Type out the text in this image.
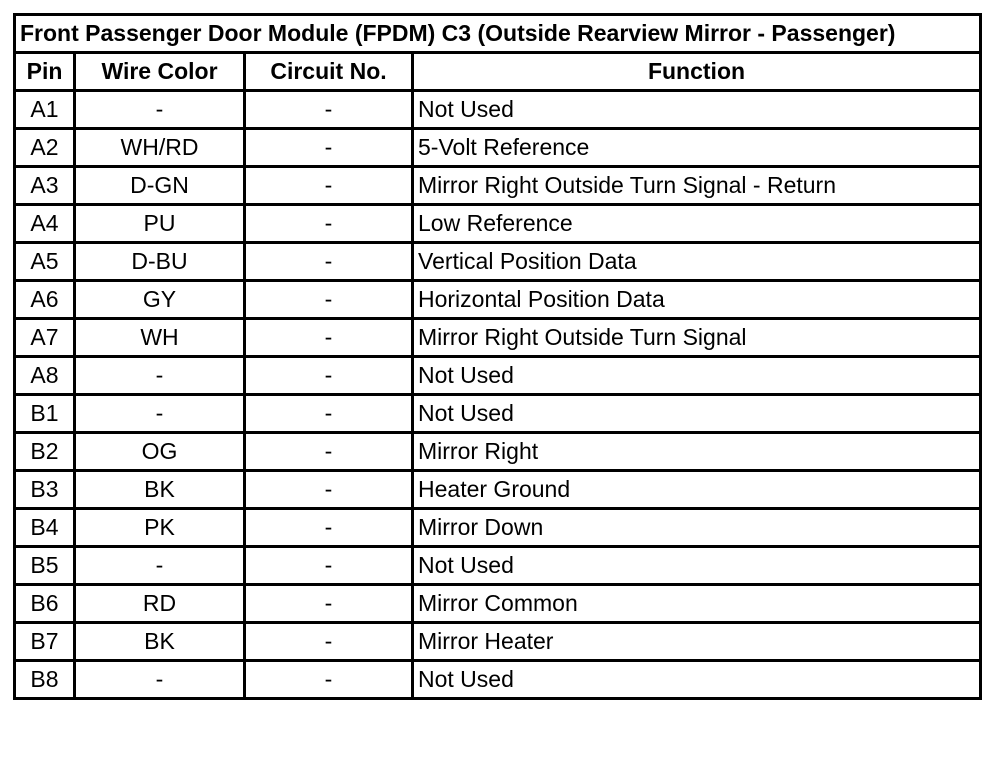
Front Passenger Door Module (FPDM) C3 (Outside Rearview Mirror - Passenger)			
Pin	Wire Color	Circuit No.	Function
A1	-	-	Not Used
A2	WH/RD	-	5-Volt Reference
A3	D-GN	-	Mirror Right Outside Turn Signal - Return
A4	PU	-	Low Reference
A5	D-BU	-	Vertical Position Data
A6	GY	-	Horizontal Position Data
A7	WH	-	Mirror Right Outside Turn Signal
A8	-	-	Not Used
B1	-	-	Not Used
B2	OG	-	Mirror Right
B3	BK	-	Heater Ground
B4	PK	-	Mirror Down
B5	-	-	Not Used
B6	RD	-	Mirror Common
B7	BK	-	Mirror Heater
B8	-	-	Not Used
